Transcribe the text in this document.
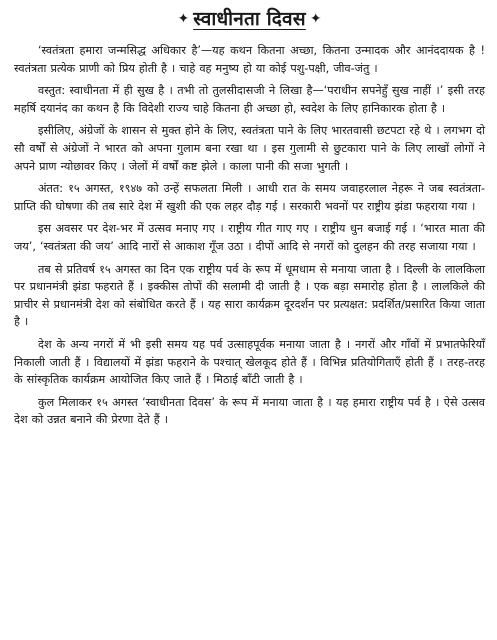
✦ स्वाधीनता दिवस ✦

‘स्वतंत्रता हमारा जन्मसिद्ध अधिकार है’—यह कथन कितना अच्छा, कितना उन्मादक और आनंददायक है ! स्वतंत्रता प्रत्येक प्राणी को प्रिय होती है । चाहे वह मनुष्य हो या कोई पशु-पक्षी, जीव-जंतु ।

वस्तुत: स्वाधीनता में ही सुख है । तभी तो तुलसीदासजी ने लिखा है—‘पराधीन सपनेहुँ सुख नाहीं ।’ इसी तरह महर्षि दयानंद का कथन है कि विदेशी राज्य चाहे कितना ही अच्छा हो, स्वदेश के लिए हानिकारक होता है ।

इसीलिए, अंग्रेजों के शासन से मुक्त होने के लिए, स्वतंत्रता पाने के लिए भारतवासी छटपटा रहे थे । लगभग दो सौ वर्षों से अंग्रेजों ने भारत को अपना गुलाम बना रखा था । इस गुलामी से छुटकारा पाने के लिए लाखों लोगों ने अपने प्राण न्योछावर किए । जेलों में वर्षों कष्ट झेले । काला पानी की सजा भुगती ।

अंतत: १५ अगस्त, १९४७ को उन्हें सफलता मिली । आधी रात के समय जवाहरलाल नेहरू ने जब स्वतंत्रता-प्राप्ति की घोषणा की तब सारे देश में खुशी की एक लहर दौड़ गई । सरकारी भवनों पर राष्ट्रीय झंडा फहराया गया ।

इस अवसर पर देश-भर में उत्सव मनाए गए । राष्ट्रीय गीत गाए गए । राष्ट्रीय धुन बजाई गई । ‘भारत माता की जय’, ‘स्वतंत्रता की जय’ आदि नारों से आकाश गूँज उठा । दीपों आदि से नगरों को दुलहन की तरह सजाया गया ।

तब से प्रतिवर्ष १५ अगस्त का दिन एक राष्ट्रीय पर्व के रूप में धूमधाम से मनाया जाता है । दिल्ली के लालकिला पर प्रधानमंत्री झंडा फहराते हैं । इक्कीस तोपों की सलामी दी जाती है । एक बड़ा समारोह होता है । लालकिले की प्राचीर से प्रधानमंत्री देश को संबोधित करते हैं । यह सारा कार्यक्रम दूरदर्शन पर प्रत्यक्षत: प्रदर्शित/प्रसारित किया जाता है ।

देश के अन्य नगरों में भी इसी समय यह पर्व उत्साहपूर्वक मनाया जाता है । नगरों और गाँवों में प्रभातफेरियाँ निकाली जाती हैं । विद्यालयों में झंडा फहराने के पश्चात् खेलकूद होते हैं । विभिन्न प्रतियोगिताएँ होती हैं । तरह-तरह के सांस्कृतिक कार्यक्रम आयोजित किए जाते हैं । मिठाई बाँटी जाती है ।

कुल मिलाकर १५ अगस्त ‘स्वाधीनता दिवस’ के रूप में मनाया जाता है । यह हमारा राष्ट्रीय पर्व है । ऐसे उत्सव देश को उन्नत बनाने की प्रेरणा देते हैं ।
